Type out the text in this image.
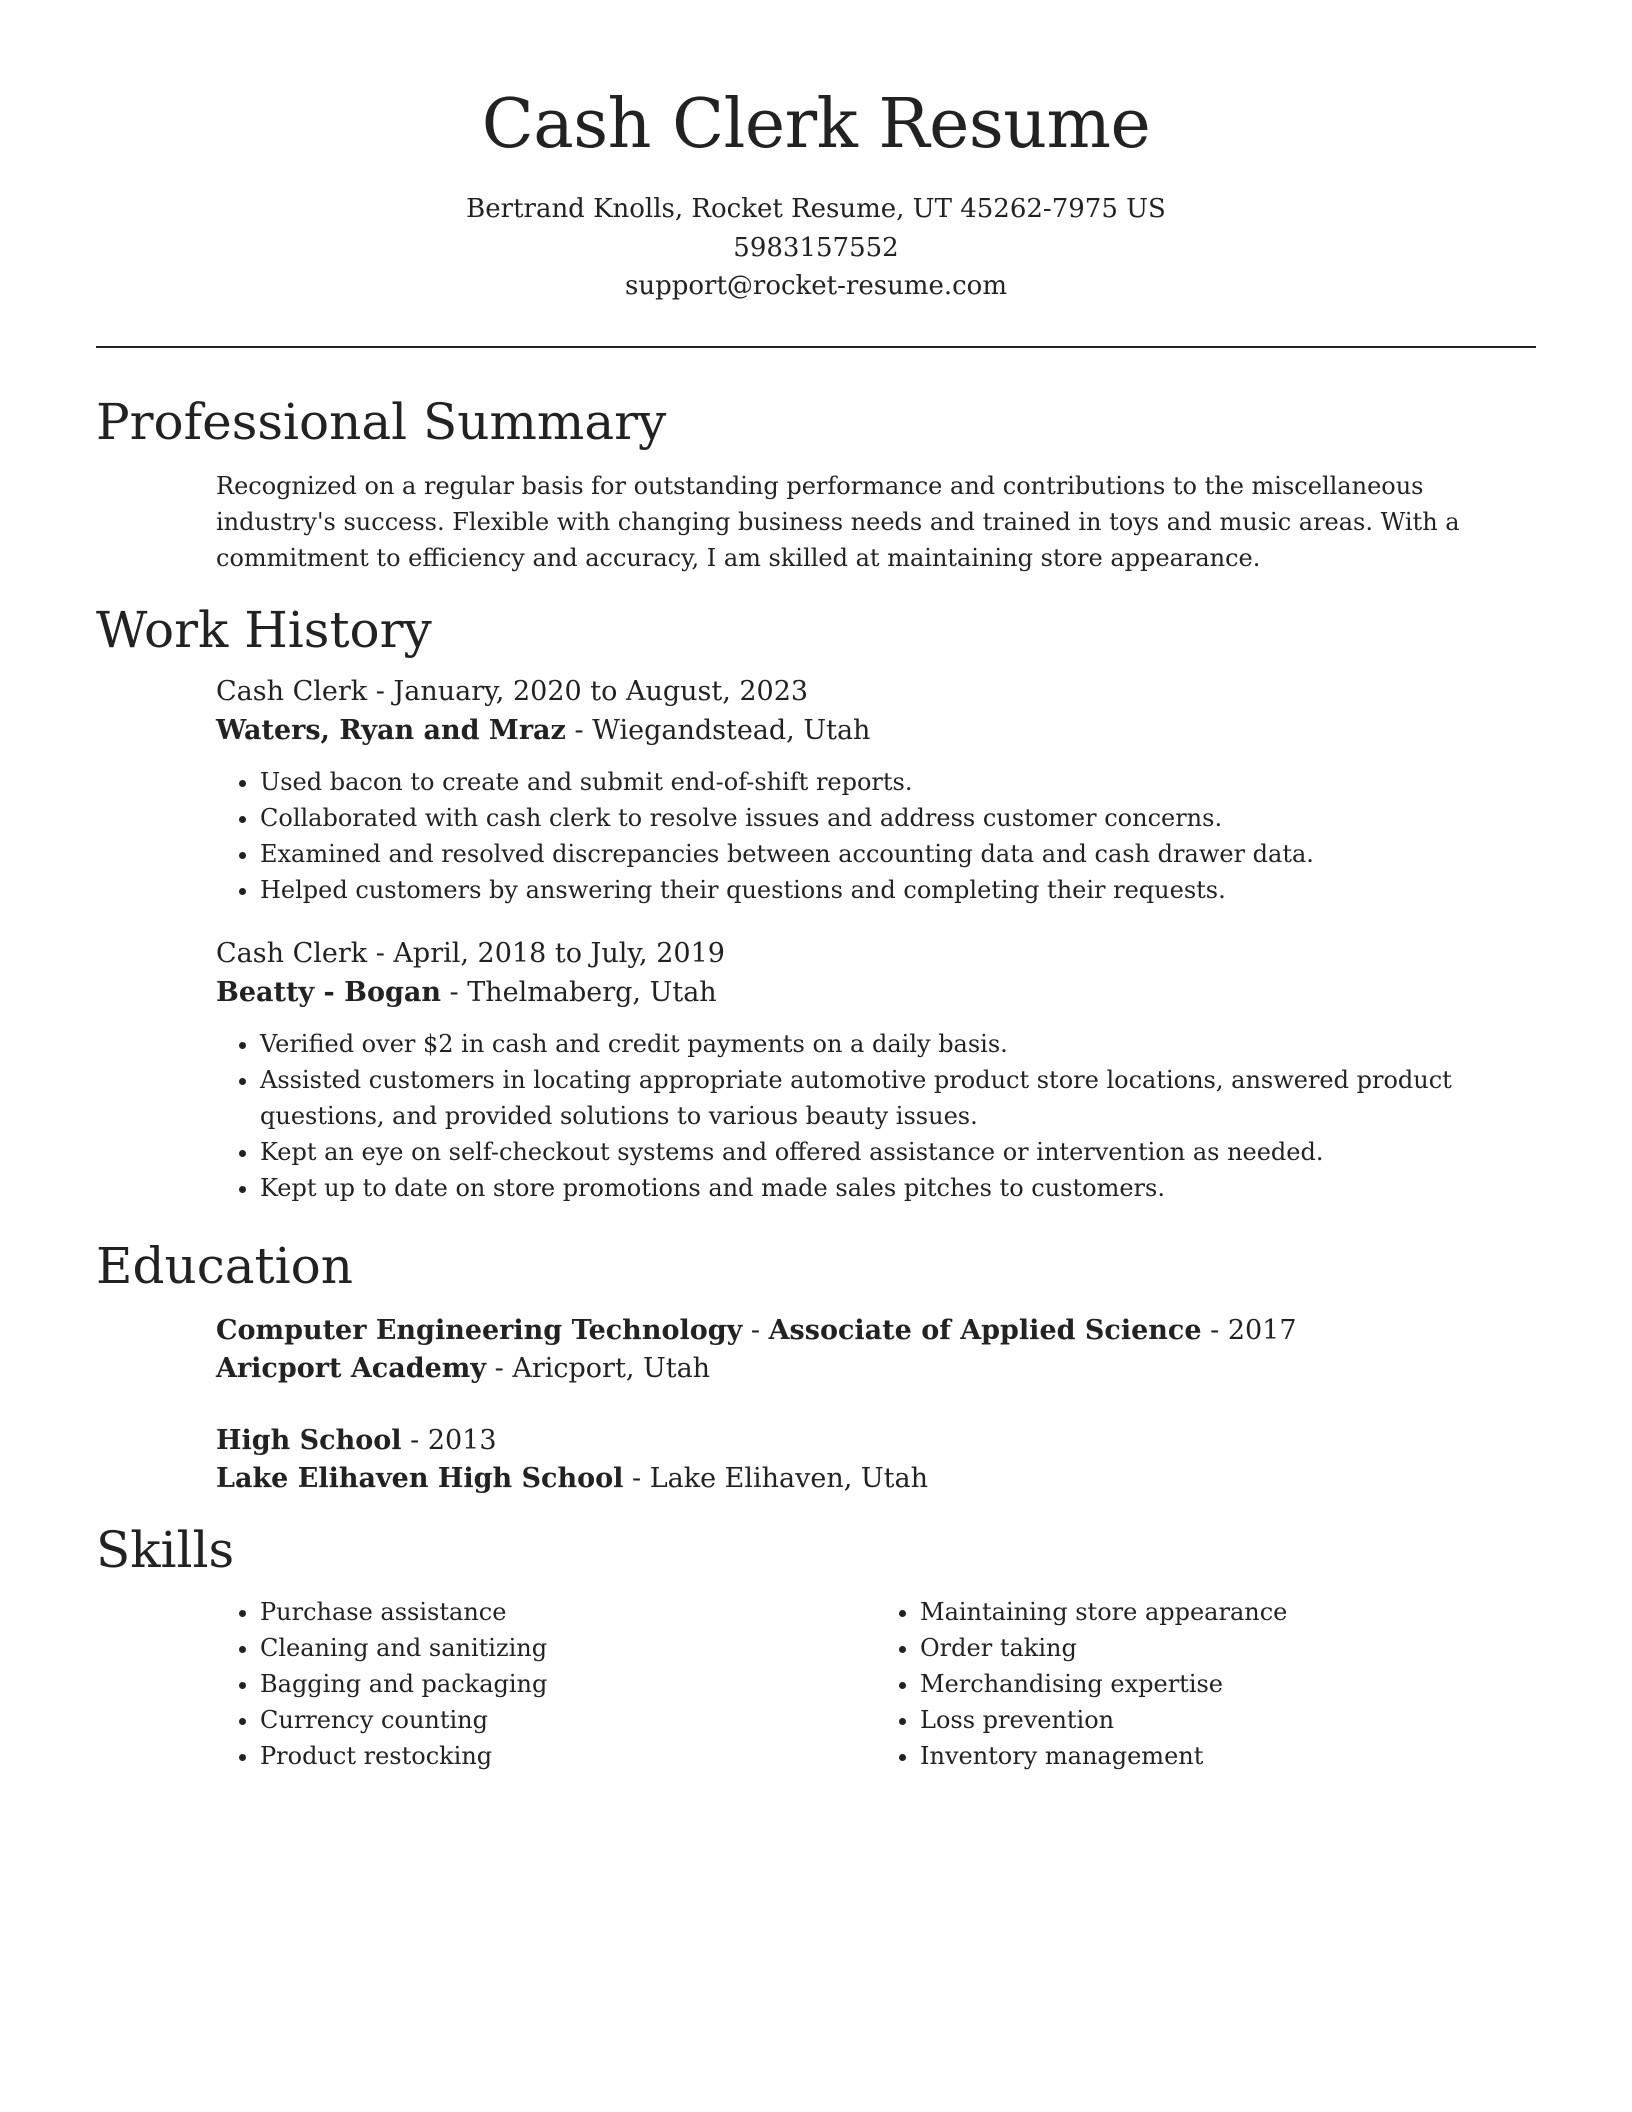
Cash Clerk Resume
Bertrand Knolls, Rocket Resume, UT 45262-7975 US
5983157552
support@rocket-resume.com
Professional Summary

Recognized on a regular basis for outstanding performance and contributions to the miscellaneous industry's success. Flexible with changing business needs and trained in toys and music areas. With a commitment to efficiency and accuracy, I am skilled at maintaining store appearance.

Work History
Cash Clerk - January, 2020 to August, 2023
Waters, Ryan and Mraz - Wiegandstead, Utah
• Used bacon to create and submit end-of-shift reports.
• Collaborated with cash clerk to resolve issues and address customer concerns.
• Examined and resolved discrepancies between accounting data and cash drawer data.
• Helped customers by answering their questions and completing their requests.
Cash Clerk - April, 2018 to July, 2019
Beatty - Bogan - Thelmaberg, Utah
• Verified over $2 in cash and credit payments on a daily basis.
• Assisted customers in locating appropriate automotive product store locations, answered product questions, and provided solutions to various beauty issues.
• Kept an eye on self-checkout systems and offered assistance or intervention as needed.
• Kept up to date on store promotions and made sales pitches to customers.
Education
Computer Engineering Technology - Associate of Applied Science - 2017
Aricport Academy - Aricport, Utah
High School - 2013
Lake Elihaven High School - Lake Elihaven, Utah
Skills
• Purchase assistance
• Cleaning and sanitizing
• Bagging and packaging
• Currency counting
• Product restocking
• Maintaining store appearance
• Order taking
• Merchandising expertise
• Loss prevention
• Inventory management
